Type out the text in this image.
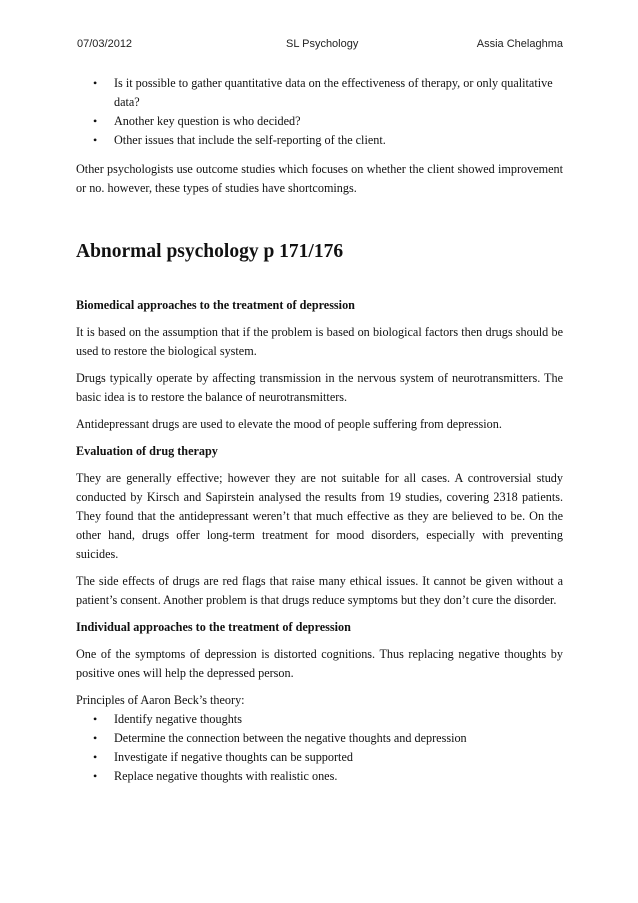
07/03/2012	SL Psychology	Assia Chelaghma
• Is it possible to gather quantitative data on the effectiveness of therapy, or only qualitative data?
• Another key question is who decided?
• Other issues that include the self-reporting of the client.

Other psychologists use outcome studies which focuses on whether the client showed improvement or no. however, these types of studies have shortcomings.

Abnormal psychology p 171/176

Biomedical approaches to the treatment of depression

It is based on the assumption that if the problem is based on biological factors then drugs should be used to restore the biological system.

Drugs typically operate by affecting transmission in the nervous system of neurotransmitters. The basic idea is to restore the balance of neurotransmitters.

Antidepressant drugs are used to elevate the mood of people suffering from depression.

Evaluation of drug therapy

They are generally effective; however they are not suitable for all cases. A controversial study conducted by Kirsch and Sapirstein analysed the results from 19 studies, covering 2318 patients. They found that the antidepressant weren’t that much effective as they are believed to be. On the other hand, drugs offer long-term treatment for mood disorders, especially with preventing suicides.

The side effects of drugs are red flags that raise many ethical issues. It cannot be given without a patient’s consent. Another problem is that drugs reduce symptoms but they don’t cure the disorder.

Individual approaches to the treatment of depression

One of the symptoms of depression is distorted cognitions. Thus replacing negative thoughts by positive ones will help the depressed person.

Principles of Aaron Beck’s theory:

• Identify negative thoughts
• Determine the connection between the negative thoughts and depression
• Investigate if negative thoughts can be supported
• Replace negative thoughts with realistic ones.
